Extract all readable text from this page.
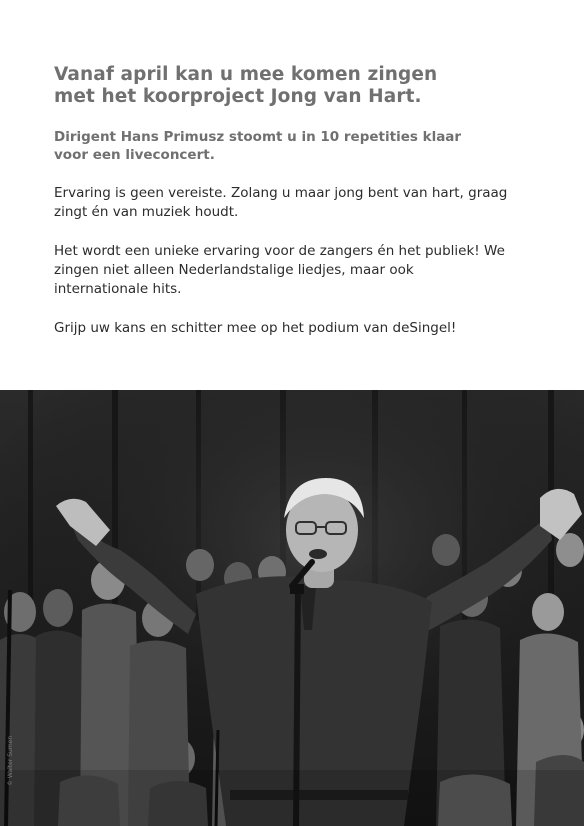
Vanaf april kan u mee komen zingen
met het koorproject Jong van Hart.

Dirigent Hans Primusz stoomt u in 10 repetities klaar
voor een liveconcert.

Ervaring is geen vereiste. Zolang u maar jong bent van hart, graag
zingt én van muziek houdt.

Het wordt een unieke ervaring voor de zangers én het publiek! We
zingen niet alleen Nederlandstalige liedjes, maar ook
internationale hits.

Grijp uw kans en schitter mee op het podium van deSingel!

© Walter Sumen
